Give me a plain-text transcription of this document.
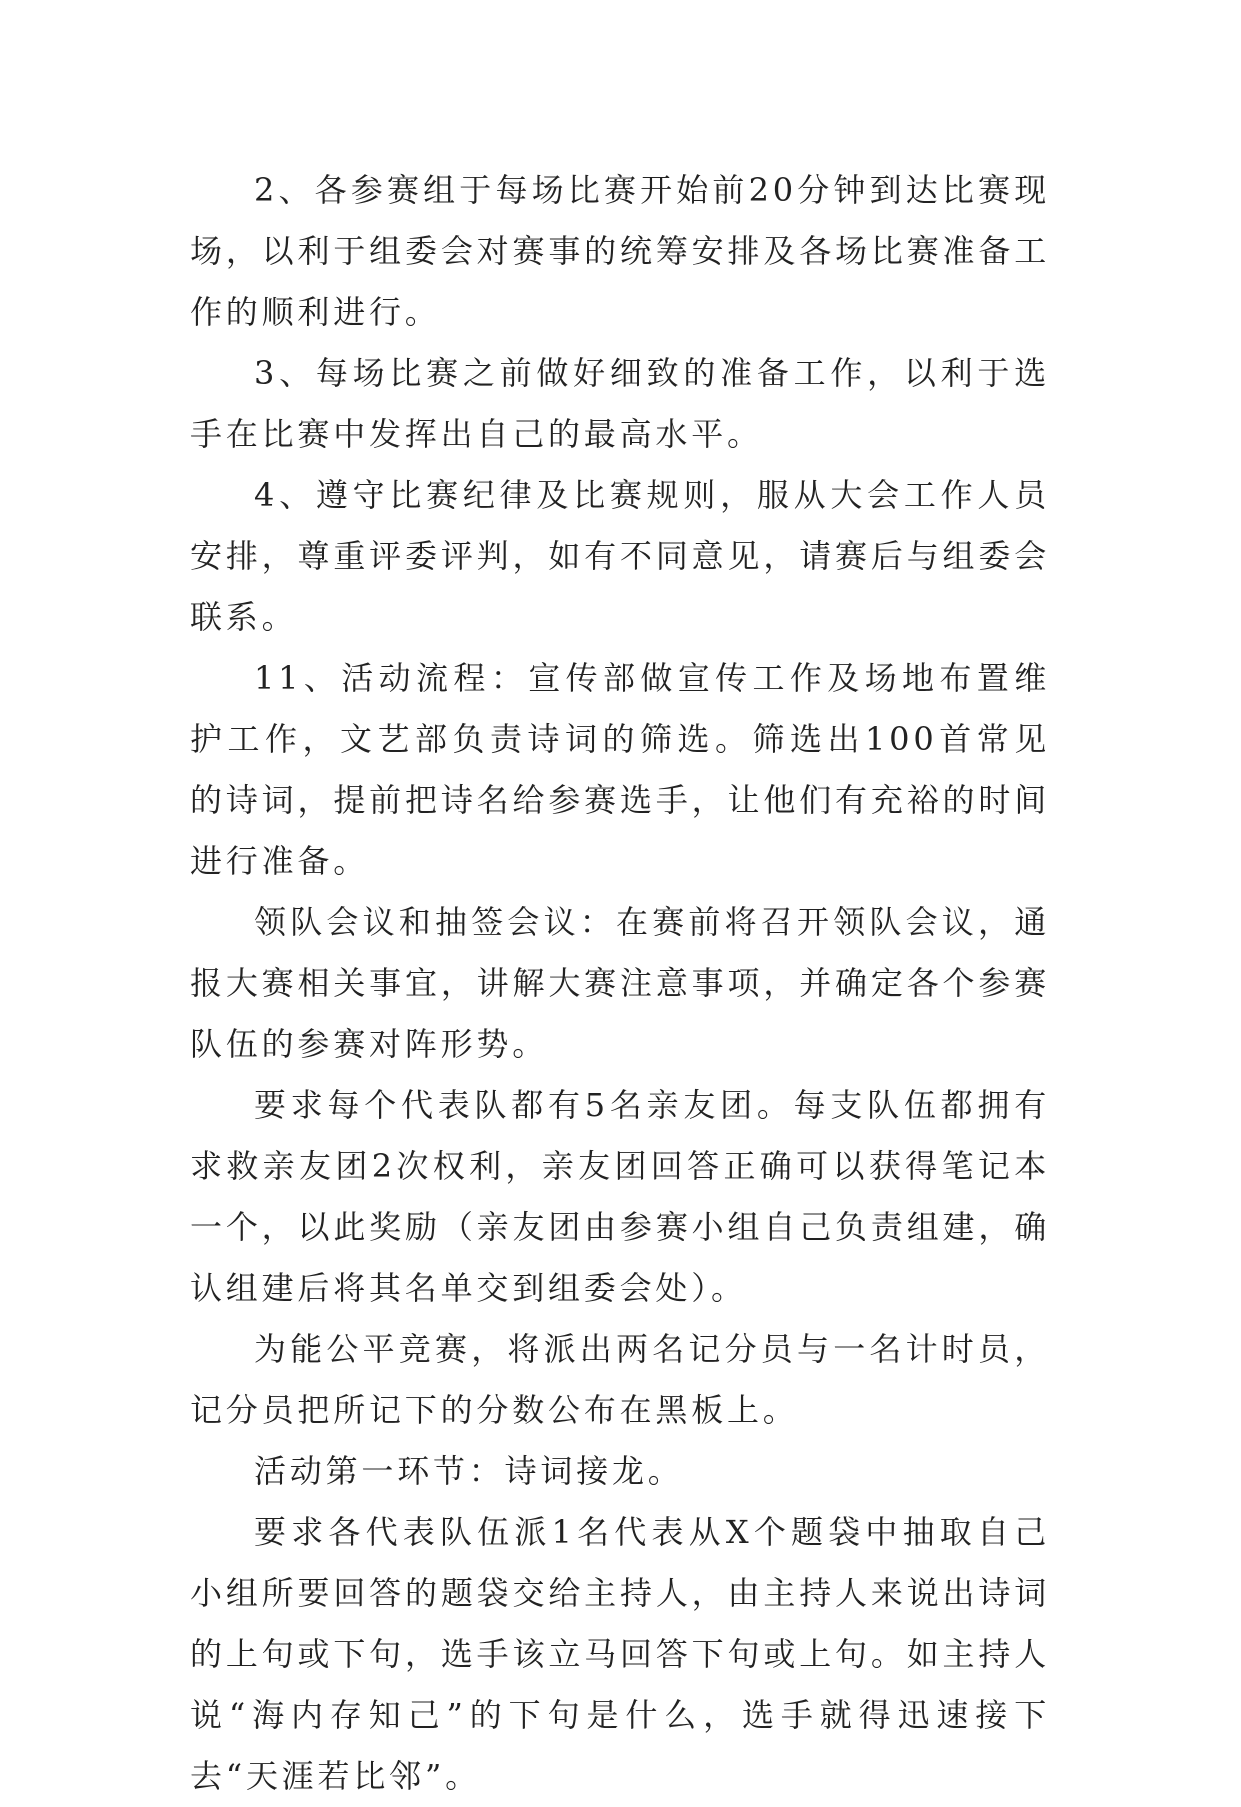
2、各参赛组于每场比赛开始前20分钟到达比赛现场，以利于组委会对赛事的统筹安排及各场比赛准备工作的顺利进行。

3、每场比赛之前做好细致的准备工作，以利于选手在比赛中发挥出自己的最高水平。

4、遵守比赛纪律及比赛规则，服从大会工作人员安排，尊重评委评判，如有不同意见，请赛后与组委会联系。

11、活动流程：宣传部做宣传工作及场地布置维护工作，文艺部负责诗词的筛选。筛选出100首常见的诗词，提前把诗名给参赛选手，让他们有充裕的时间进行准备。

领队会议和抽签会议：在赛前将召开领队会议，通报大赛相关事宜，讲解大赛注意事项，并确定各个参赛队伍的参赛对阵形势。

要求每个代表队都有5名亲友团。每支队伍都拥有求救亲友团2次权利，亲友团回答正确可以获得笔记本一个，以此奖励（亲友团由参赛小组自己负责组建，确认组建后将其名单交到组委会处）。

为能公平竞赛，将派出两名记分员与一名计时员，记分员把所记下的分数公布在黑板上。

活动第一环节：诗词接龙。

要求各代表队伍派1名代表从X个题袋中抽取自己小组所要回答的题袋交给主持人，由主持人来说出诗词的上句或下句，选手该立马回答下句或上句。如主持人说“海内存知己”的下句是什么，选手就得迅速接下去“天涯若比邻”。
